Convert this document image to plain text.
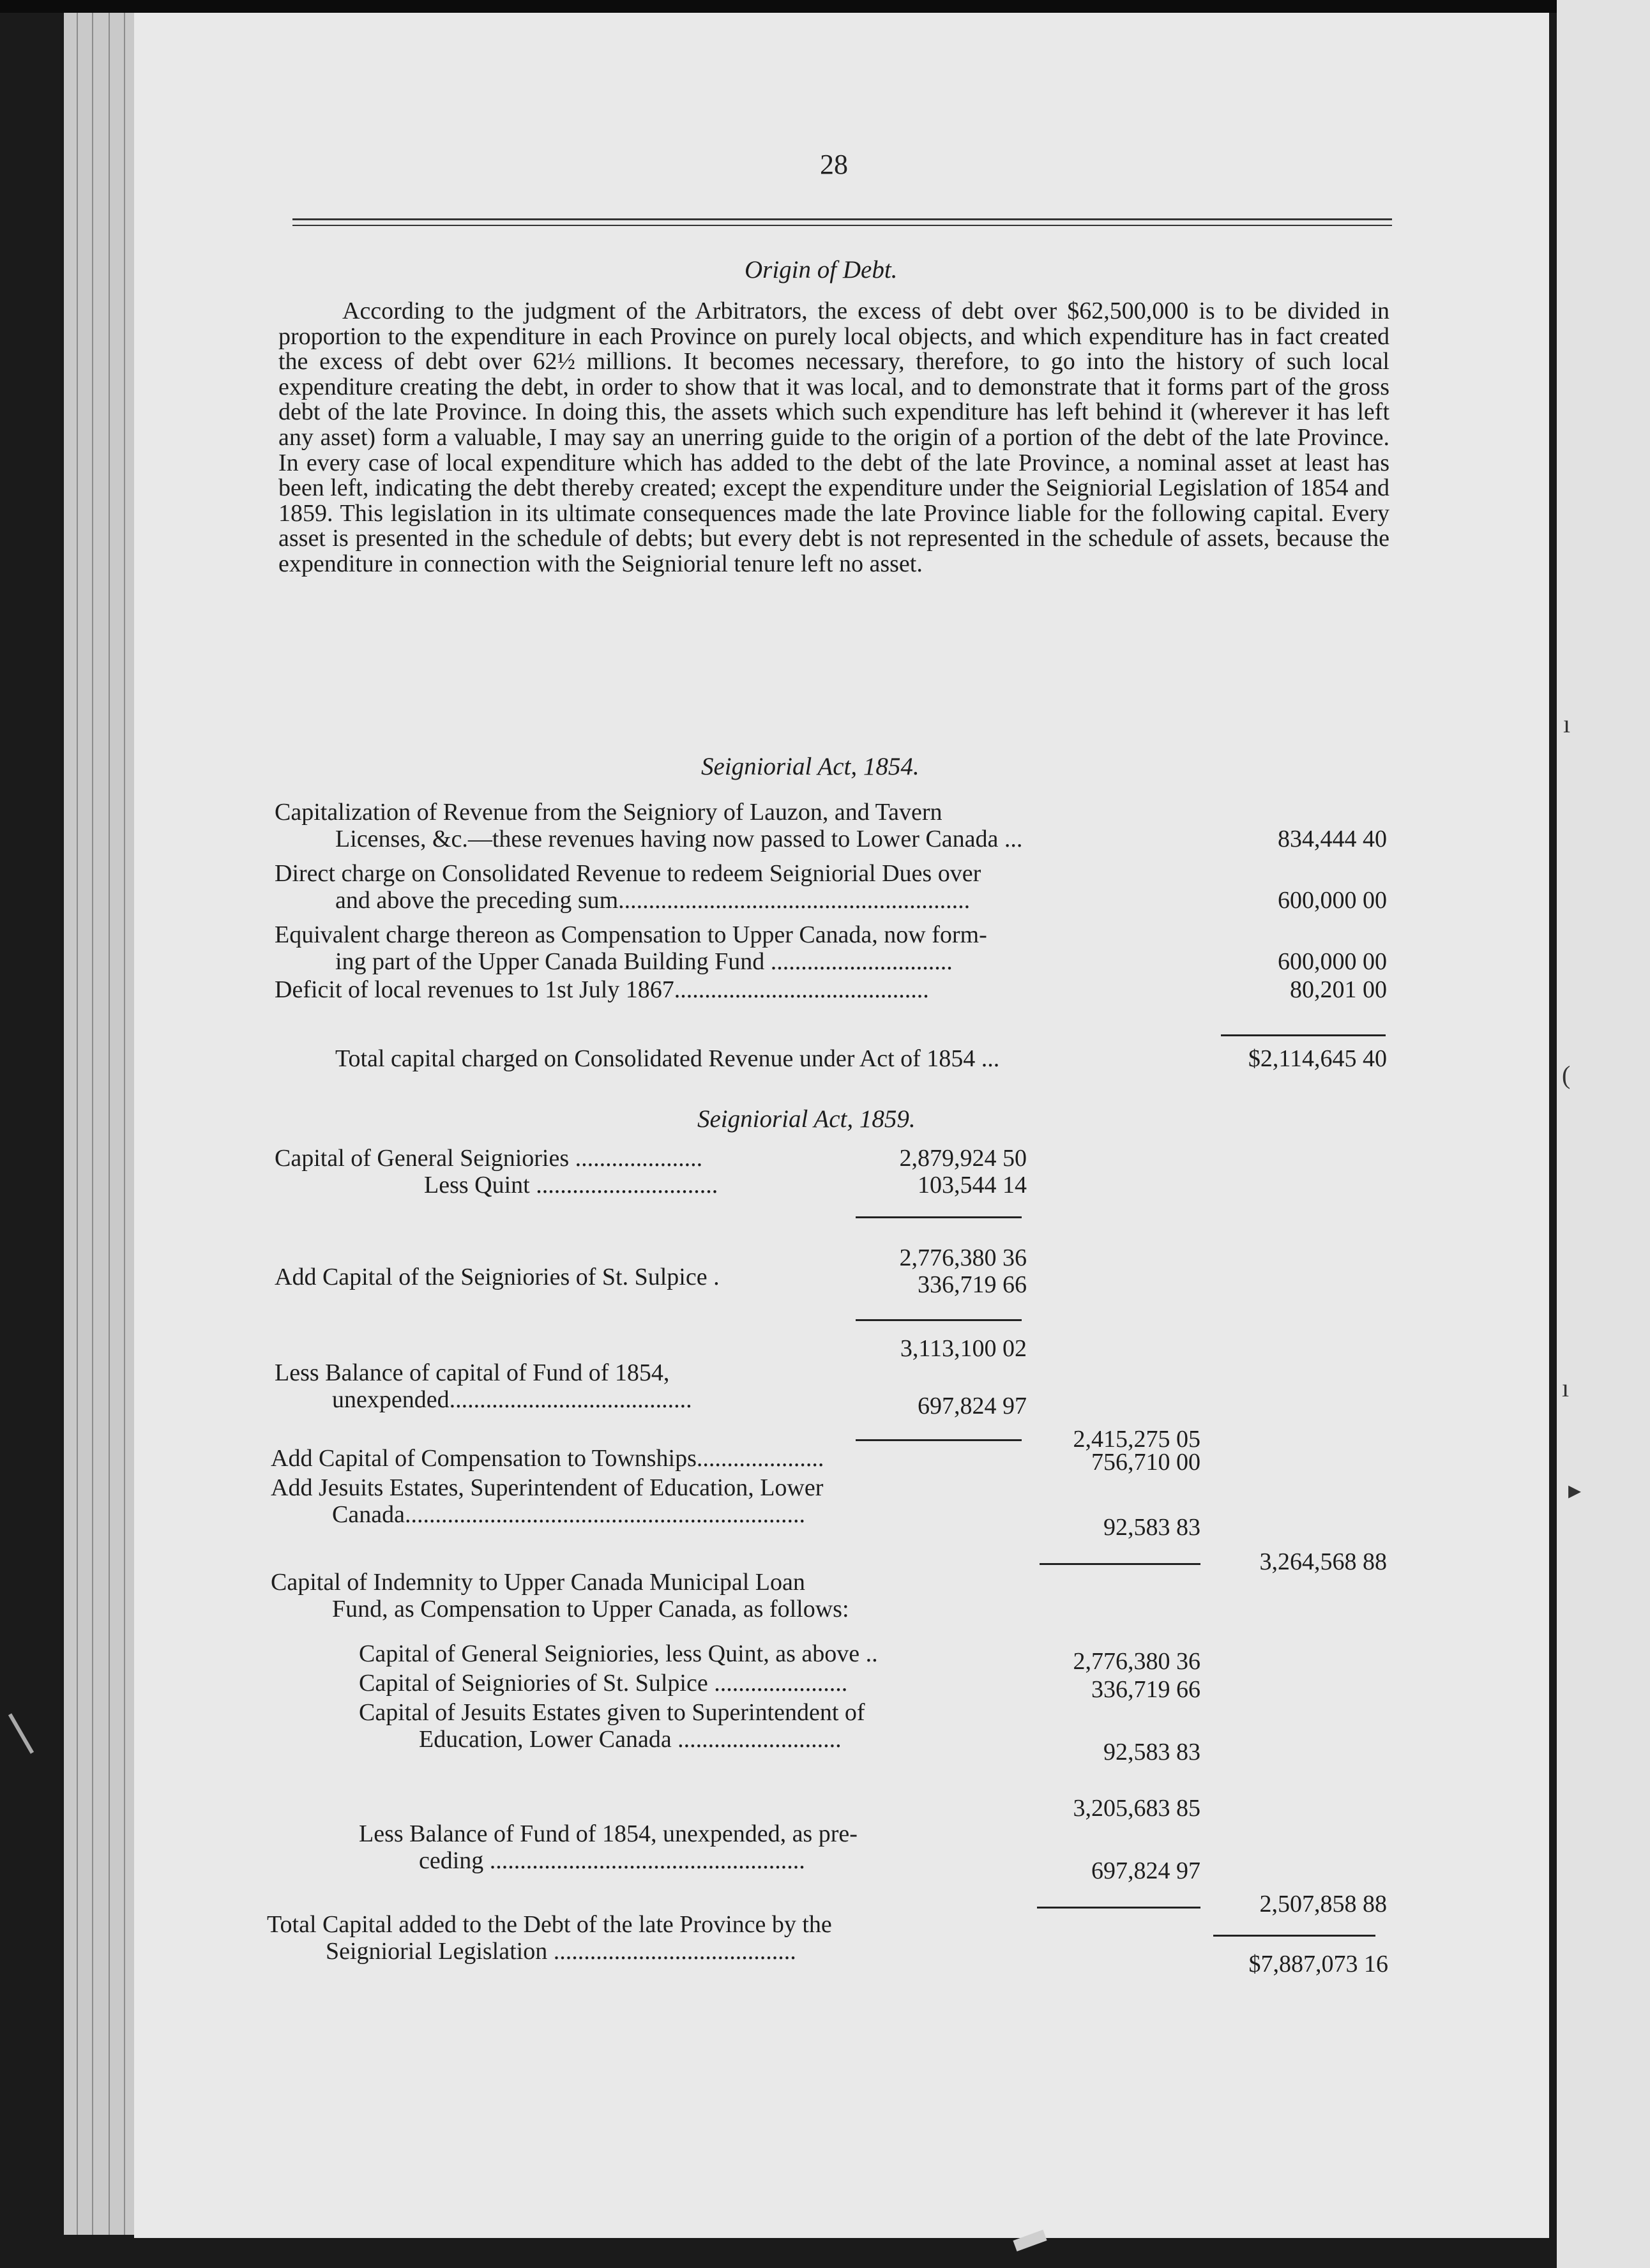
ı
(
ı
▸
28
Origin of Debt.

According to the judgment of the Arbitrators, the excess of debt over $62,500,000 is to be divided in proportion to the expenditure in each Province on purely local objects, and which expenditure has in fact created the excess of debt over 62½ millions. It becomes necessary, therefore, to go into the history of such local expenditure creating the debt, in order to show that it was local, and to demonstrate that it forms part of the gross debt of the late Province. In doing this, the assets which such expenditure has left behind it (wherever it has left any asset) form a valuable, I may say an unerring guide to the origin of a portion of the debt of the late Province. In every case of local expenditure which has added to the debt of the late Province, a nominal asset at least has been left, indicating the debt thereby created; except the expenditure under the Seigniorial Legislation of 1854 and 1859. This legislation in its ultimate consequences made the late Province liable for the following capital. Every asset is presented in the schedule of debts; but every debt is not represented in the schedule of assets, because the expenditure in connection with the Seigniorial tenure left no asset.

Seigniorial Act, 1854.
Capitalization of Revenue from the Seigniory of Lauzon, and Tavern
Licenses, &c.—these revenues having now passed to Lower Canada ...	834,444 40
Direct charge on Consolidated Revenue to redeem Seigniorial Dues over
and above the preceding sum..........................................................	600,000 00
Equivalent charge thereon as Compensation to Upper Canada, now form-
ing part of the Upper Canada Building Fund ..............................	600,000 00
Deficit of local revenues to 1st July 1867..........................................	80,201 00
Total capital charged on Consolidated Revenue under Act of 1854 ...	$2,114,645 40
Seigniorial Act, 1859.
Capital of General Seigniories .....................	2,879,924 50
Less Quint ..............................	103,544 14
2,776,380 36
Add Capital of the Seigniories of St. Sulpice .	336,719 66
3,113,100 02
Less Balance of capital of Fund of 1854,
unexpended........................................	697,824 97
2,415,275 05
Add Capital of Compensation to Townships.....................	756,710 00
Add Jesuits Estates, Superintendent of Education, Lower
Canada..................................................................	92,583 83
3,264,568 88
Capital of Indemnity to Upper Canada Municipal Loan
Fund, as Compensation to Upper Canada, as follows:
Capital of General Seigniories, less Quint, as above ..	2,776,380 36
Capital of Seigniories of St. Sulpice ......................	336,719 66
Capital of Jesuits Estates given to Superintendent of
Education, Lower Canada ...........................	92,583 83
3,205,683 85
Less Balance of Fund of 1854, unexpended, as pre-
ceding ....................................................	697,824 97
2,507,858 88
Total Capital added to the Debt of the late Province by the
Seigniorial Legislation ........................................	$7,887,073 16
